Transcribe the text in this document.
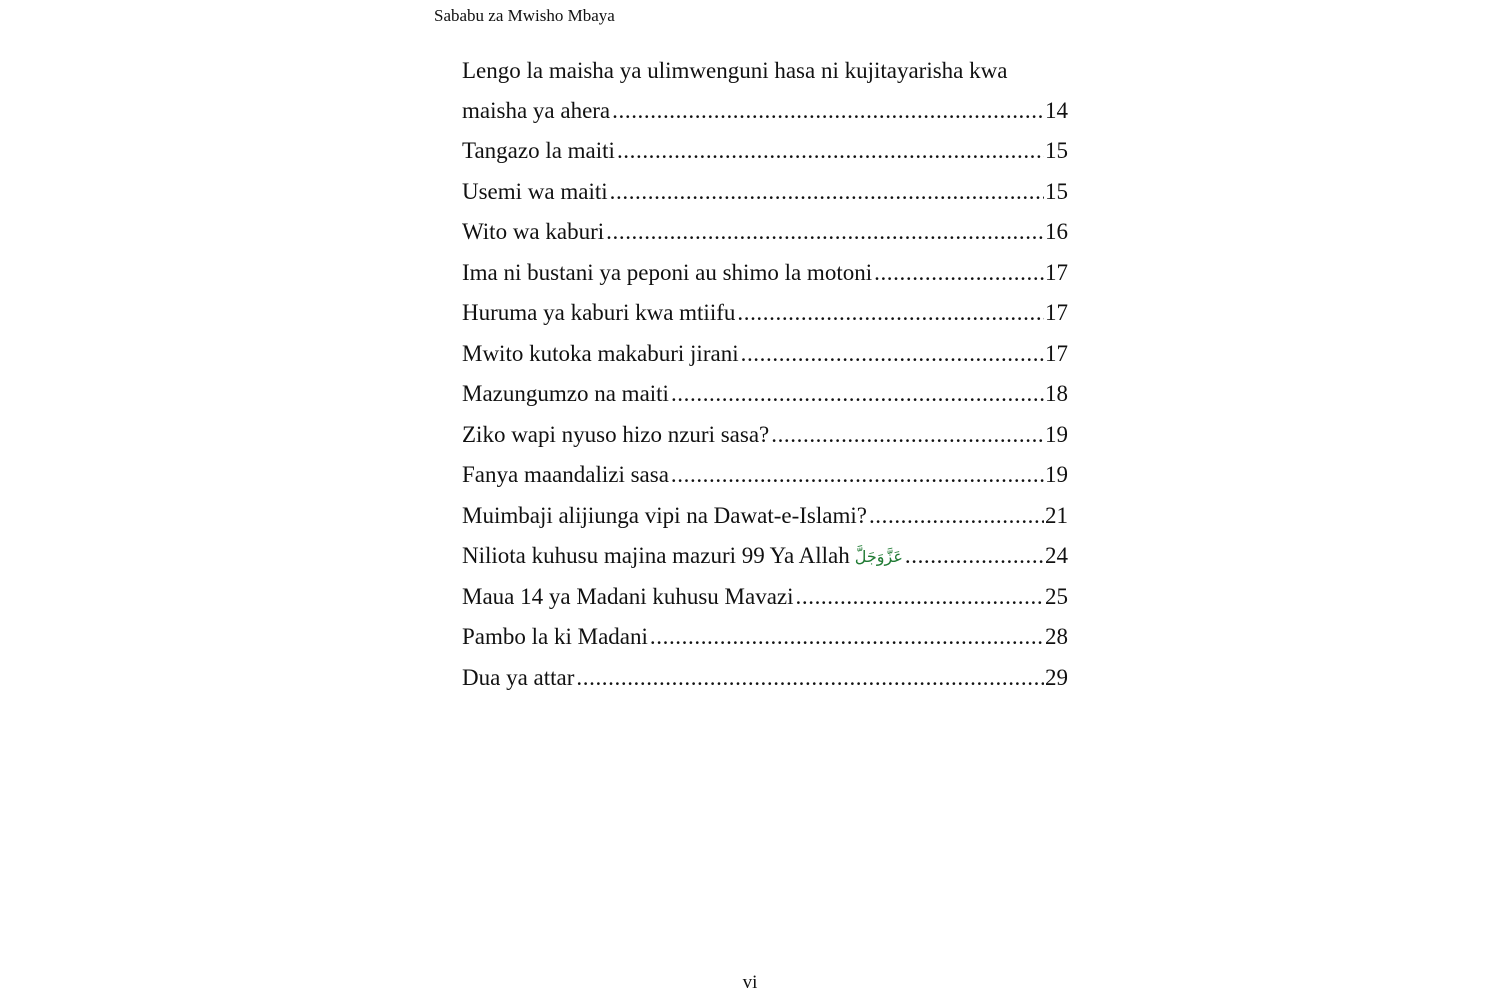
Sababu za Mwisho Mbaya
Lengo la maisha ya ulimwenguni hasa ni kujitayarisha kwa
maisha ya ahera .....	14
Tangazo la maiti .....	15
Usemi wa maiti .....	15
Wito wa kaburi .....	16
Ima ni bustani ya peponi au shimo la motoni .....	17
Huruma ya kaburi kwa mtiifu .....	17
Mwito kutoka makaburi jirani .....	17
Mazungumzo na maiti .....	18
Ziko wapi nyuso hizo nzuri sasa? .....	19
Fanya maandalizi sasa .....	19
Muimbaji alijiunga vipi na Dawat-e-Islami? .....	21
Niliota kuhusu majina mazuri 99 Ya Allah عَزَّوَجَلَّ .....	24
Maua 14 ya Madani kuhusu Mavazi .....	25
Pambo la ki Madani .....	28
Dua ya attar .....	29
vi
